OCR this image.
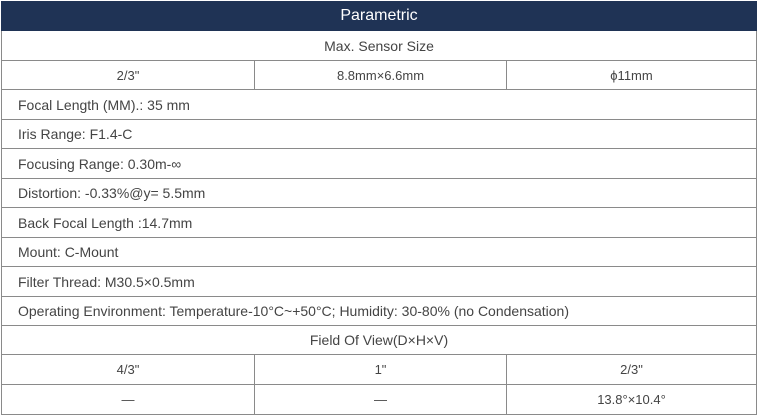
Parametric
Max. Sensor Size
2/3"	8.8mm×6.6mm	ϕ11mm
Focal Length (MM).: 35 mm
Iris Range: F1.4-C
Focusing Range: 0.30m-∞
Distortion: -0.33%@y= 5.5mm
Back Focal Length :14.7mm
Mount: C-Mount
Filter Thread: M30.5×0.5mm
Operating Environment: Temperature-10°C~+50°C; Humidity: 30-80% (no Condensation)
Field Of View(D×H×V)
4/3"	1"	2/3"
—	—	13.8°×10.4°
